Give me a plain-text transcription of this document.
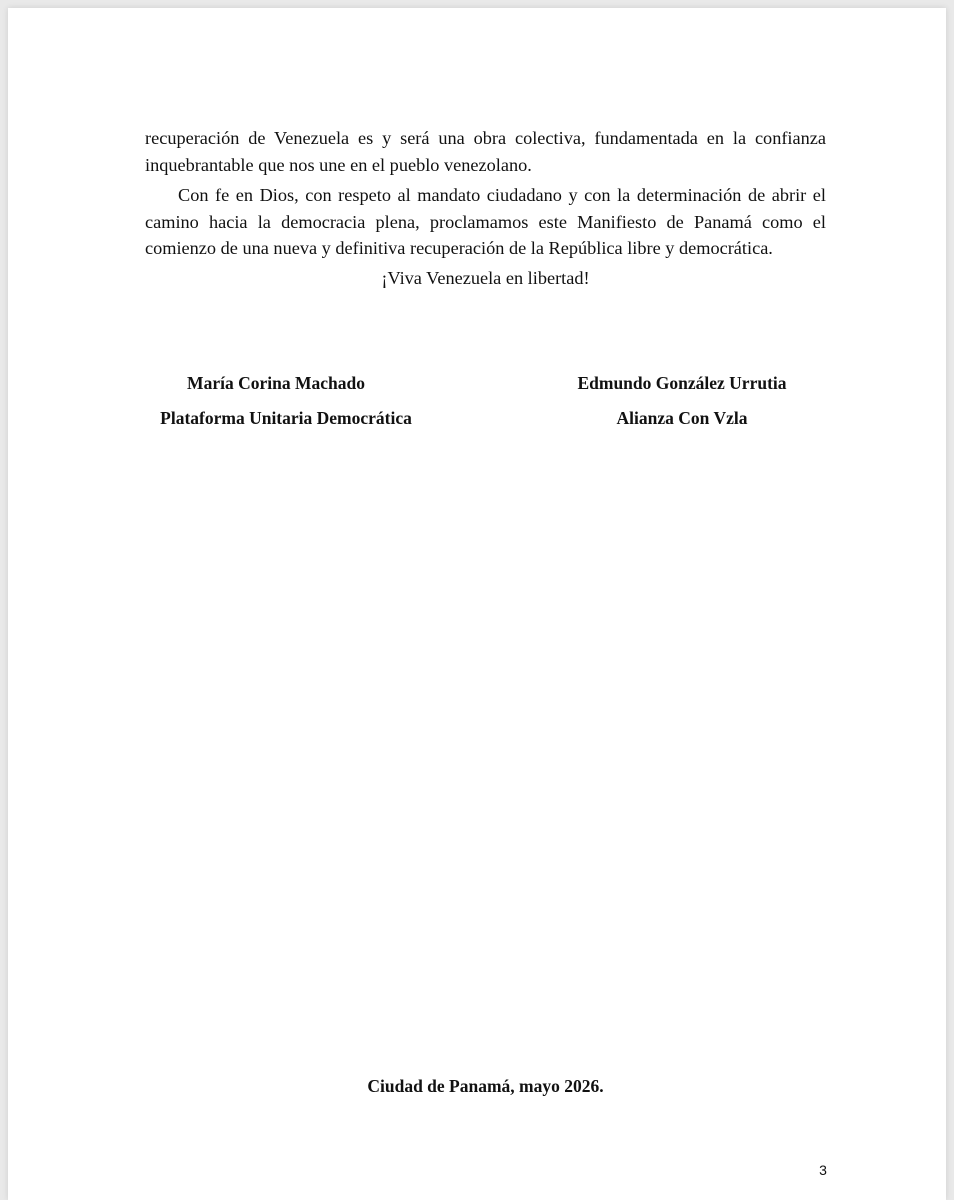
recuperación de Venezuela es y será una obra colectiva, fundamentada en la confianza inquebrantable que nos une en el pueblo venezolano.

Con fe en Dios, con respeto al mandato ciudadano y con la determinación de abrir el camino hacia la democracia plena, proclamamos este Manifiesto de Panamá como el comienzo de una nueva y definitiva recuperación de la República libre y democrática.

¡Viva Venezuela en libertad!

María Corina Machado

Plataforma Unitaria Democrática

Edmundo González Urrutia

Alianza Con Vzla

Ciudad de Panamá, mayo 2026.

3
